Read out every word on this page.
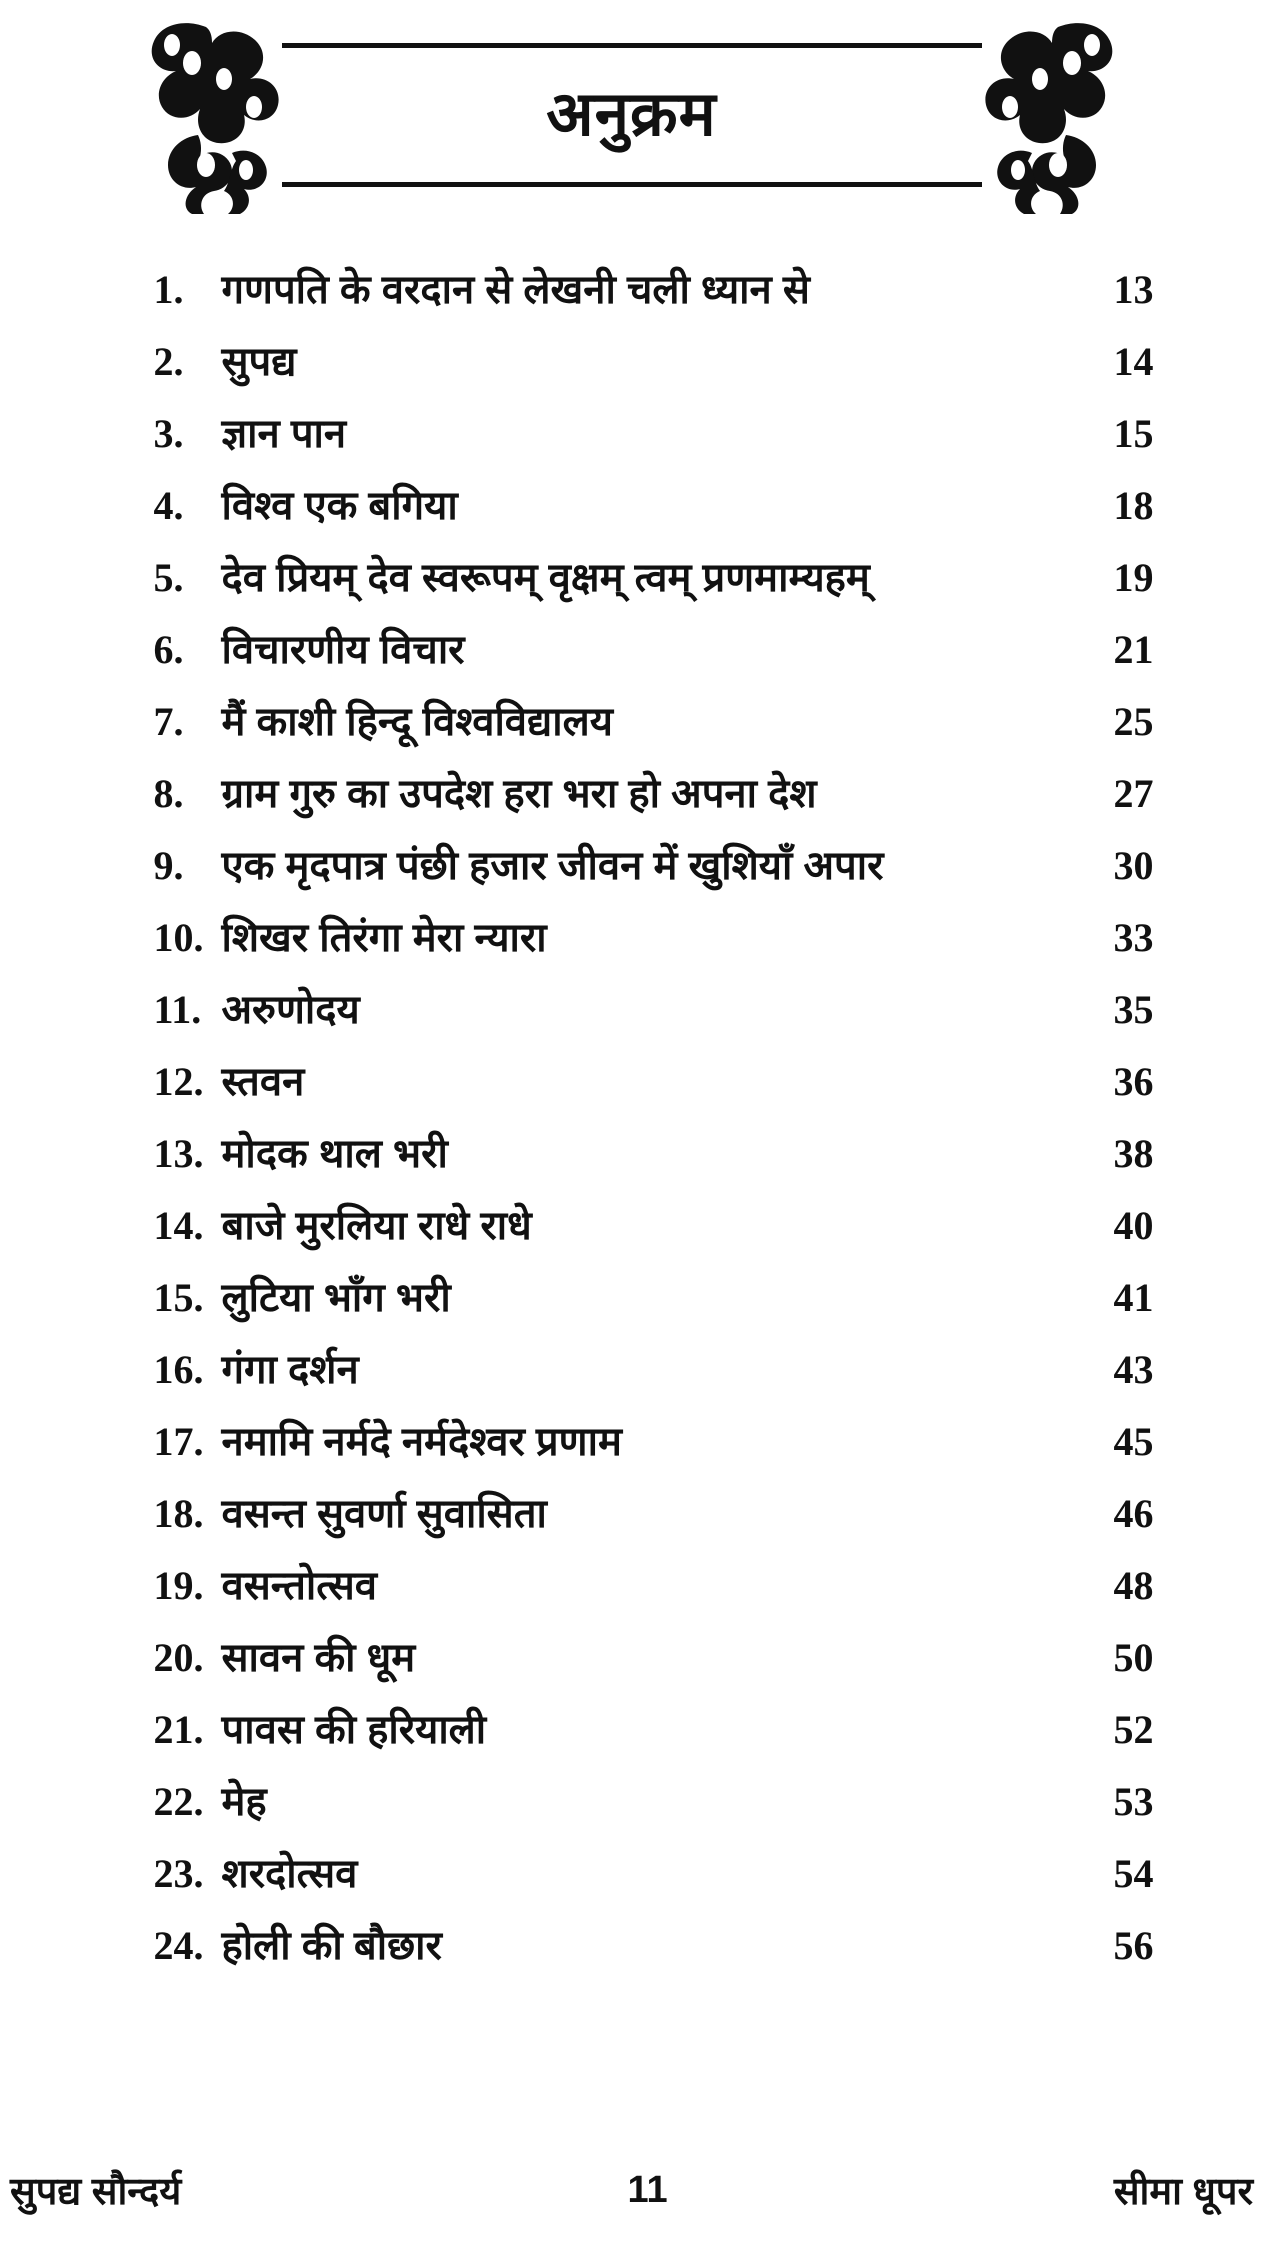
अनुक्रम
1. गणपति के वरदान से लेखनी चली ध्यान से	13
2. सुपद्य	14
3. ज्ञान पान	15
4. विश्व एक बगिया	18
5. देव प्रियम् देव स्वरूपम् वृक्षम् त्वम् प्रणमाम्यहम्	19
6. विचारणीय विचार	21
7. मैं काशी हिन्दू विश्वविद्यालय	25
8. ग्राम गुरु का उपदेश हरा भरा हो अपना देश	27
9. एक मृदपात्र पंछी हजार जीवन में खुशियाँ अपार	30
10. शिखर तिरंगा मेरा न्यारा	33
11. अरुणोदय	35
12. स्तवन	36
13. मोदक थाल भरी	38
14. बाजे मुरलिया राधे राधे	40
15. लुटिया भाँग भरी	41
16. गंगा दर्शन	43
17. नमामि नर्मदे नर्मदेश्वर प्रणाम	45
18. वसन्त सुवर्णा सुवासिता	46
19. वसन्तोत्सव	48
20. सावन की धूम	50
21. पावस की हरियाली	52
22. मेह	53
23. शरदोत्सव	54
24. होली की बौछार	56
सुपद्य सौन्दर्य	11	सीमा धूपर
